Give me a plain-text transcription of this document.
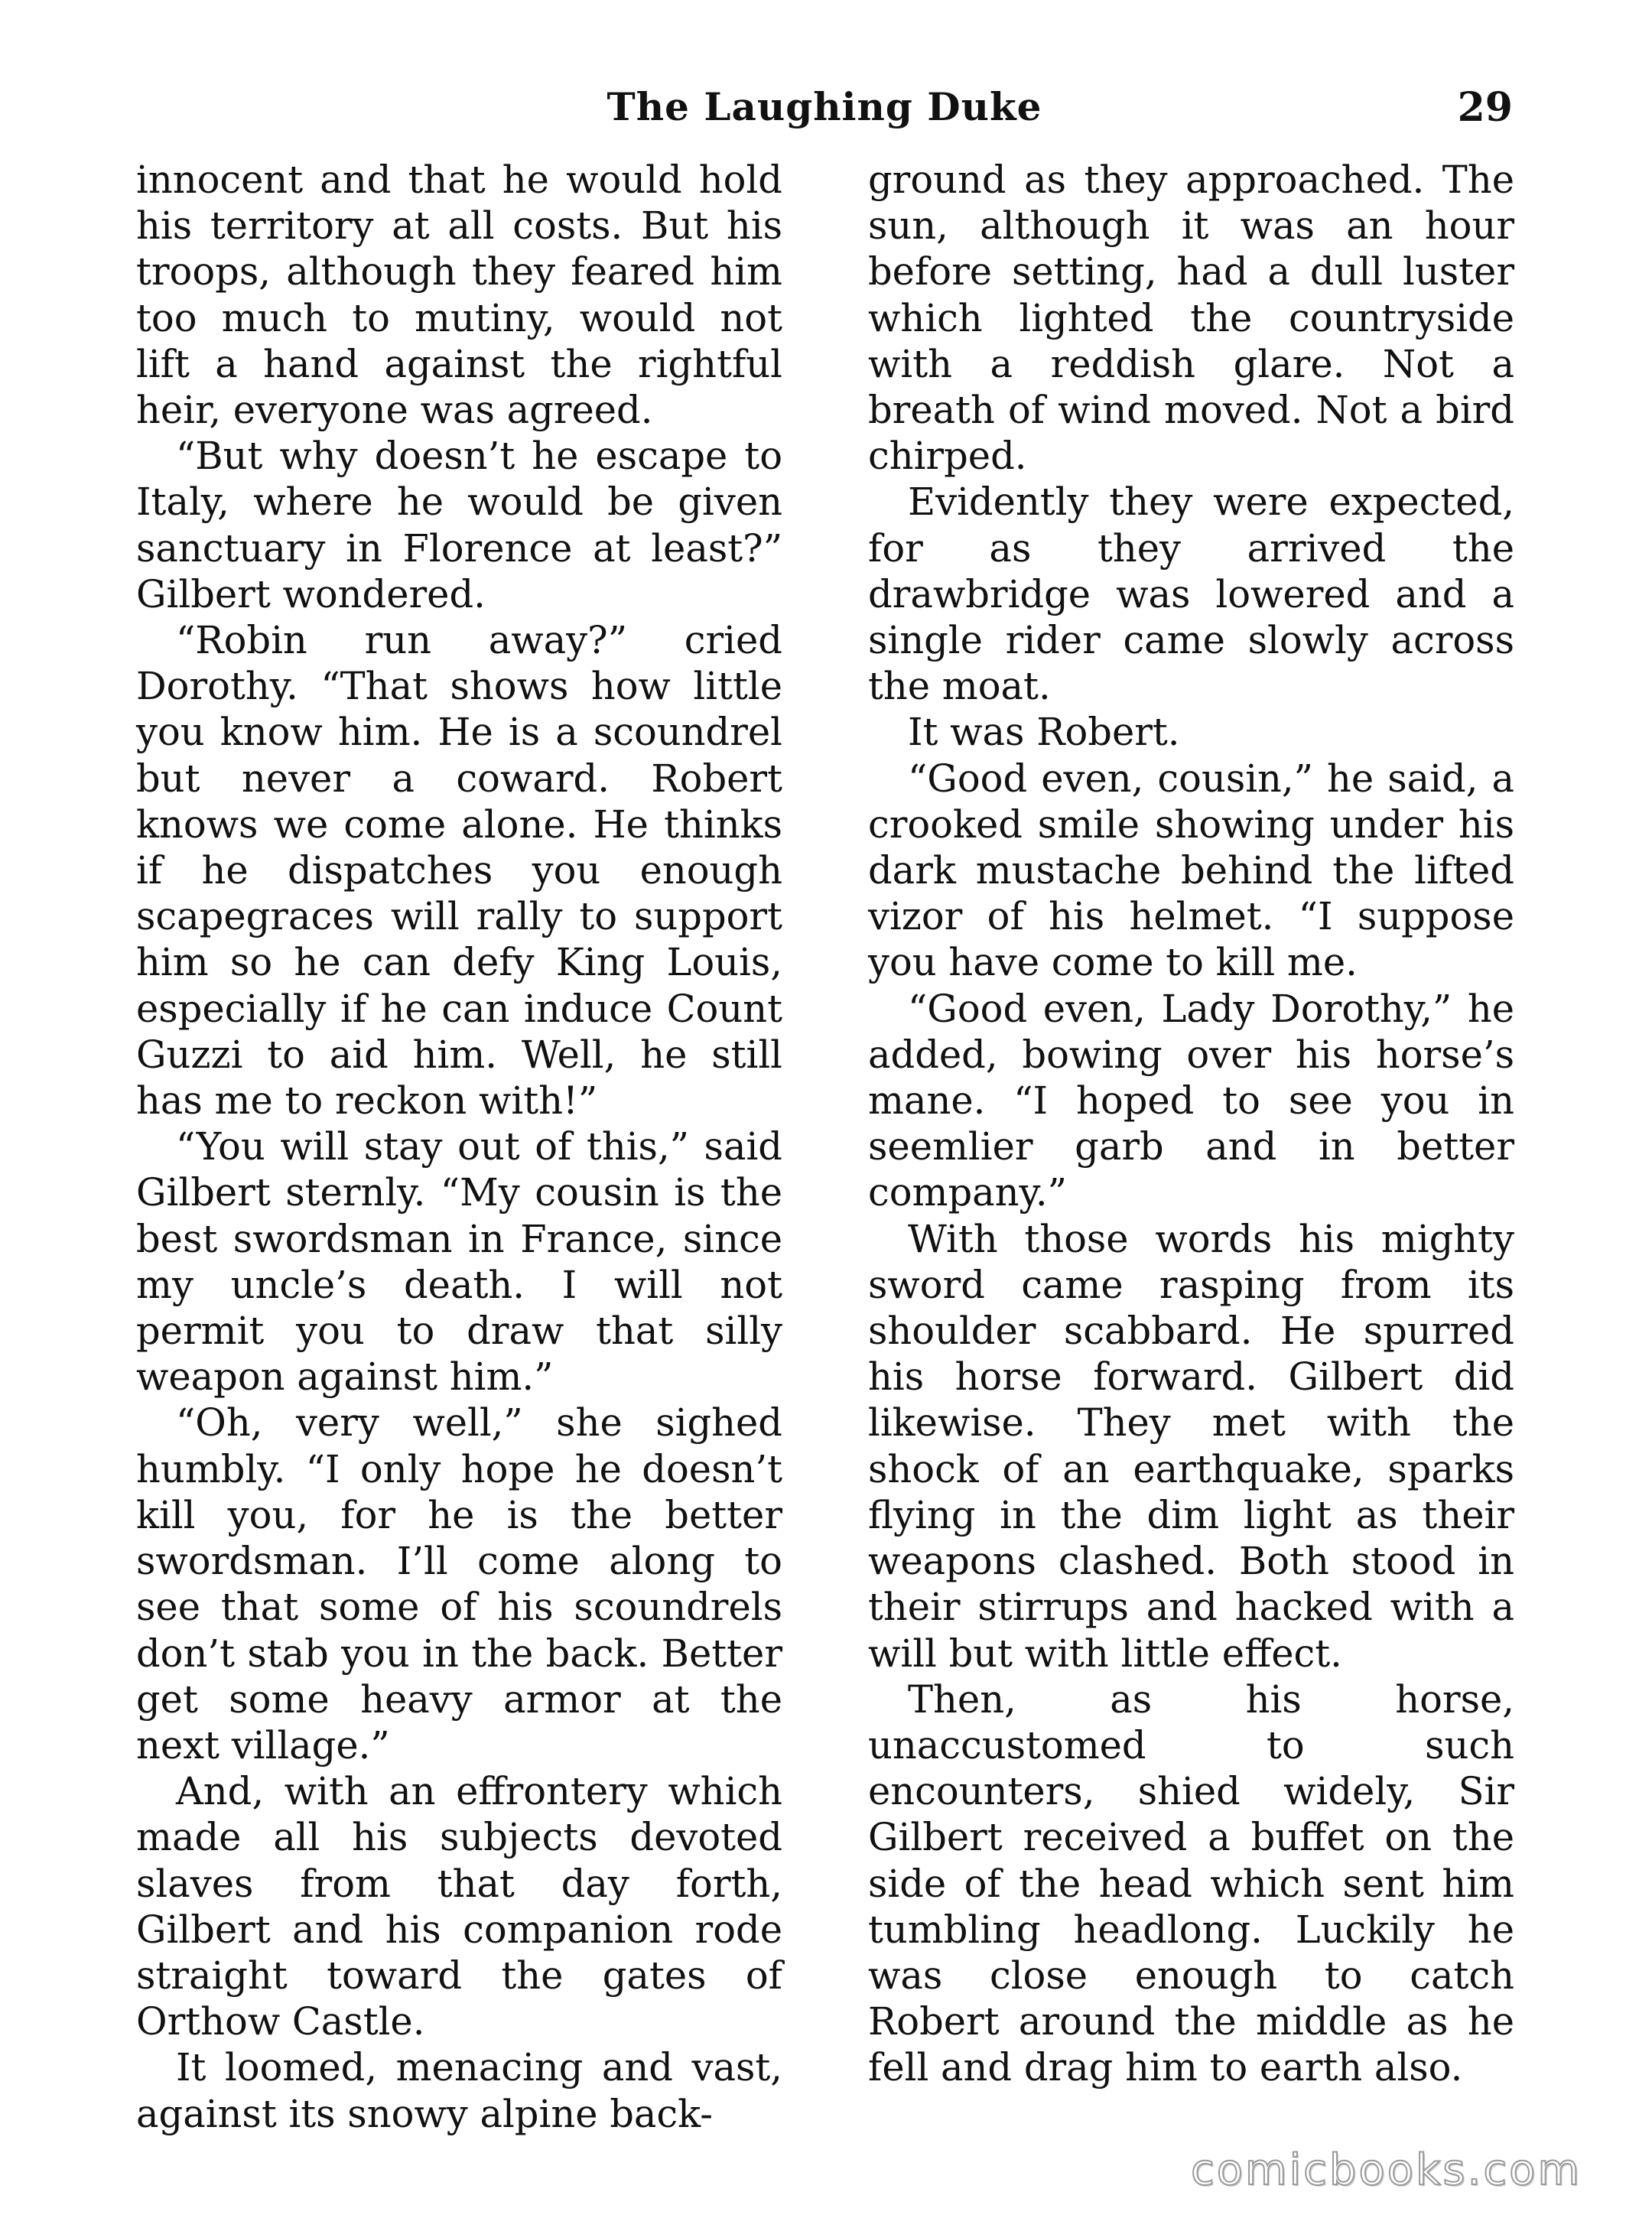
The Laughing Duke	29

innocent and that he would hold his territory at all costs. But his troops, although they feared him too much to mutiny, would not lift a hand against the rightful heir, everyone was agreed.

“But why doesn’t he escape to Italy, where he would be given sanctuary in Florence at least?” Gilbert wondered.

“Robin run away?” cried Dorothy. “That shows how little you know him. He is a scoundrel but never a coward. Robert knows we come alone. He thinks if he dispatches you enough scapegraces will rally to support him so he can defy King Louis, especially if he can induce Count Guzzi to aid him. Well, he still has me to reckon with!”

“You will stay out of this,” said Gilbert sternly. “My cousin is the best swordsman in France, since my uncle’s death. I will not permit you to draw that silly weapon against him.”

“Oh, very well,” she sighed humbly. “I only hope he doesn’t kill you, for he is the better swordsman. I’ll come along to see that some of his scoundrels don’t stab you in the back. Better get some heavy armor at the next village.”

And, with an effrontery which made all his subjects devoted slaves from that day forth, Gilbert and his companion rode straight toward the gates of Orthow Castle.

It loomed, menacing and vast, against its snowy alpine back-

ground as they approached. The sun, although it was an hour before setting, had a dull luster which lighted the countryside with a reddish glare. Not a breath of wind moved. Not a bird chirped.

Evidently they were expected, for as they arrived the drawbridge was lowered and a single rider came slowly across the moat.

It was Robert.

“Good even, cousin,” he said, a crooked smile showing under his dark mustache behind the lifted vizor of his helmet. “I suppose you have come to kill me.

“Good even, Lady Dorothy,” he added, bowing over his horse’s mane. “I hoped to see you in seemlier garb and in better company.”

With those words his mighty sword came rasping from its shoulder scabbard. He spurred his horse forward. Gilbert did likewise. They met with the shock of an earthquake, sparks flying in the dim light as their weapons clashed. Both stood in their stirrups and hacked with a will but with little effect.

Then, as his horse, unaccustomed to such encounters, shied widely, Sir Gilbert received a buffet on the side of the head which sent him tumbling headlong. Luckily he was close enough to catch Robert around the middle as he fell and drag him to earth also.

comicbooks.com
